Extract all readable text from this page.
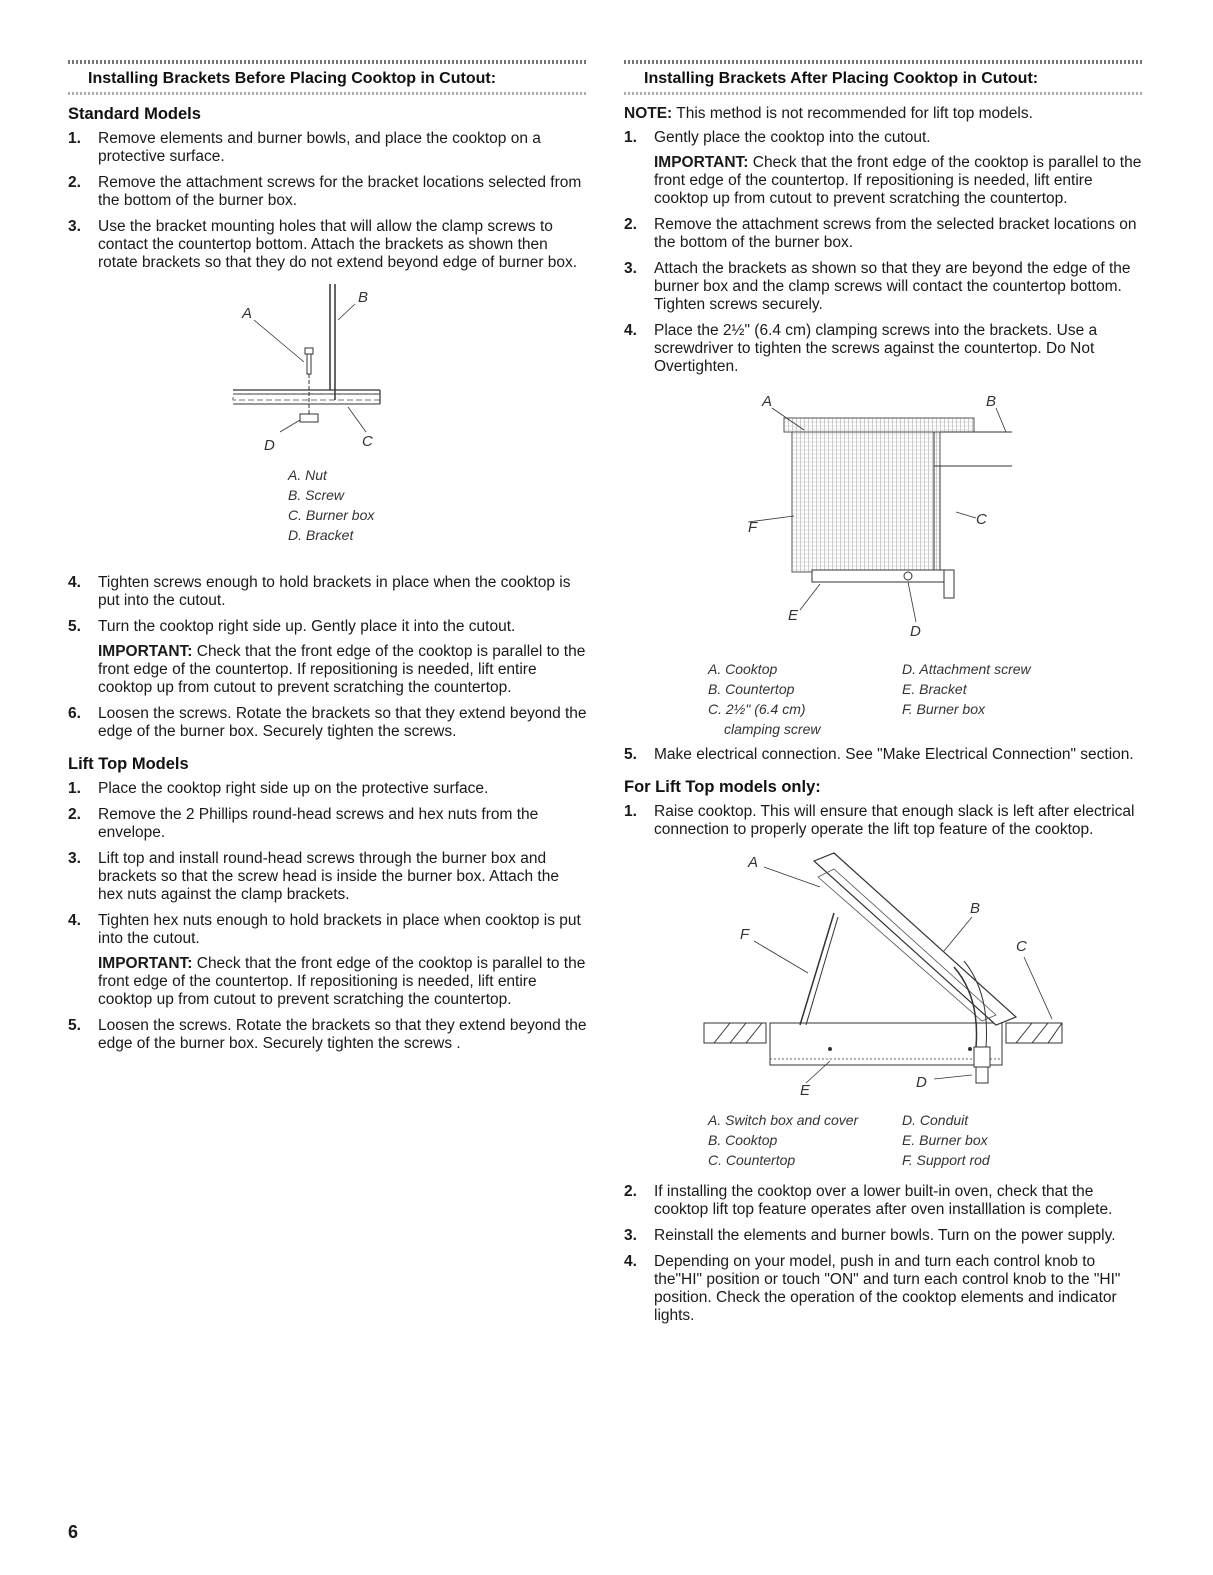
Installing Brackets Before Placing Cooktop in Cutout:
Standard Models
1. Remove elements and burner bowls, and place the cooktop on a protective surface.
2. Remove the attachment screws for the bracket locations selected from the bottom of the burner box.
3. Use the bracket mounting holes that will allow the clamp screws to contact the countertop bottom. Attach the brackets as shown then rotate brackets so that they do not extend beyond edge of burner box.
A
B
C
D
A. Nut
B. Screw
C. Burner box
D. Bracket
4. Tighten screws enough to hold brackets in place when the cooktop is put into the cutout.
5. Turn the cooktop right side up. Gently place it into the cutout.
IMPORTANT: Check that the front edge of the cooktop is parallel to the front edge of the countertop. If repositioning is needed, lift entire cooktop up from cutout to prevent scratching the countertop.
6. Loosen the screws. Rotate the brackets so that they extend beyond the edge of the burner box. Securely tighten the screws.
Lift Top Models
1. Place the cooktop right side up on the protective surface.
2. Remove the 2 Phillips round-head screws and hex nuts from the envelope.
3. Lift top and install round-head screws through the burner box and brackets so that the screw head is inside the burner box. Attach the hex nuts against the clamp brackets.
4. Tighten hex nuts enough to hold brackets in place when cooktop is put into the cutout.
IMPORTANT: Check that the front edge of the cooktop is parallel to the front edge of the countertop. If repositioning is needed, lift entire cooktop up from cutout to prevent scratching the countertop.
5. Loosen the screws. Rotate the brackets so that they extend beyond the edge of the burner box. Securely tighten the screws .
Installing Brackets After Placing Cooktop in Cutout:
NOTE: This method is not recommended for lift top models.
1. Gently place the cooktop into the cutout.
IMPORTANT: Check that the front edge of the cooktop is parallel to the front edge of the countertop. If repositioning is needed, lift entire cooktop up from cutout to prevent scratching the countertop.
2. Remove the attachment screws from the selected bracket locations on the bottom of the burner box.
3. Attach the brackets as shown so that they are beyond the edge of the burner box and the clamp screws will contact the countertop bottom. Tighten screws securely.
4. Place the 2½" (6.4 cm) clamping screws into the brackets. Use a screwdriver to tighten the screws against the countertop. Do Not Overtighten.
A	B
C
D
E
F
A. Cooktop
B. Countertop
C. 2½" (6.4 cm)
clamping screw
D. Attachment screw
E. Bracket
F. Burner box
5. Make electrical connection. See "Make Electrical Connection" section.
For Lift Top models only:
1. Raise cooktop. This will ensure that enough slack is left after electrical connection to properly operate the lift top feature of the cooktop.
A
B
C
D
E
F
A. Switch box and cover
B. Cooktop
C. Countertop
D. Conduit
E. Burner box
F. Support rod
2. If installing the cooktop over a lower built-in oven, check that the cooktop lift top feature operates after oven installlation is complete.
3. Reinstall the elements and burner bowls. Turn on the power supply.
4. Depending on your model, push in and turn each control knob to the"HI" position or touch "ON" and turn each control knob to the "HI" position. Check the operation of the cooktop elements and indicator lights.
6
